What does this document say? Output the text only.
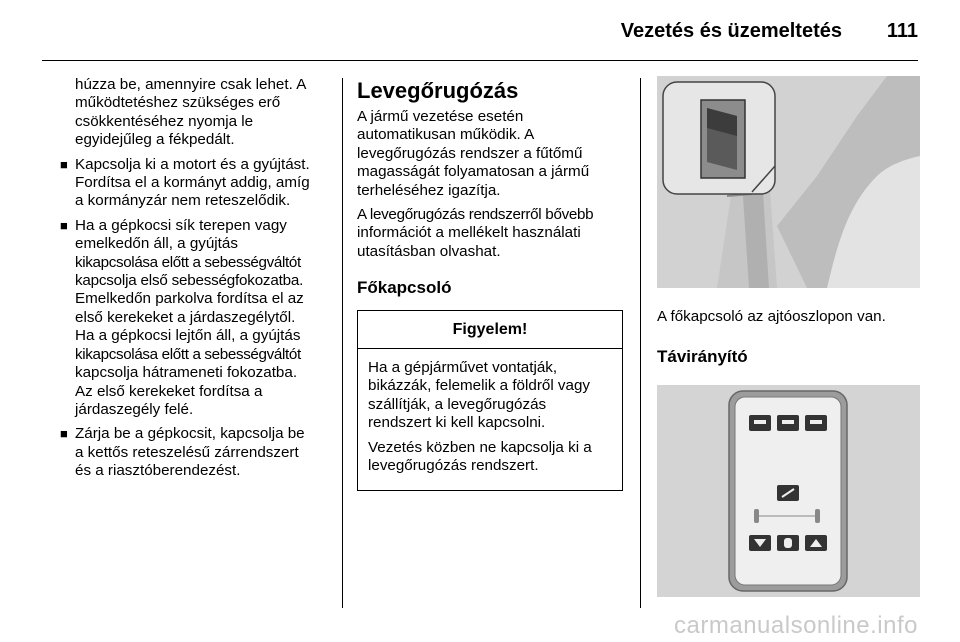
Vezetés és üzemeltetés 111

húzza be, amennyire csak lehet. A
működtetéshez szükséges erő
csökkentéséhez nyomja le
egyidejűleg a fékpedált.

■ Kapcsolja ki a motort és a gyújtást.
Fordítsa el a kormányt addig, amíg
a kormányzár nem reteszelődik.
■ Ha a gépkocsi sík terepen vagy
emelkedőn áll, a gyújtás
kikapcsolása előtt a sebességváltót
kapcsolja első sebességfokozatba.
Emelkedőn parkolva fordítsa el az
első kerekeket a járdaszegélytől.

Ha a gépkocsi lejtőn áll, a gyújtás
kikapcsolása előtt a sebességváltót
kapcsolja hátrameneti fokozatba.
Az első kerekeket fordítsa a
járdaszegély felé.

■ Zárja be a gépkocsit, kapcsolja be
a kettős reteszelésű zárrendszert
és a riasztóberendezést.
Levegőrugózás

A jármű vezetése esetén
automatikusan működik. A
levegőrugózás rendszer a fűtőmű
magasságát folyamatosan a jármű
terheléséhez igazítja.

A levegőrugózás rendszerről bővebb
információt a mellékelt használati
utasításban olvashat.

Főkapcsoló
Figyelem!

Ha a gépjárművet vontatják,
bikázzák, felemelik a földről vagy
szállítják, a levegőrugózás
rendszert ki kell kapcsolni.

Vezetés közben ne kapcsolja ki a
levegőrugózás rendszert.

A főkapcsoló az ajtóoszlopon van.

Távirányító
carmanualsonline.info
